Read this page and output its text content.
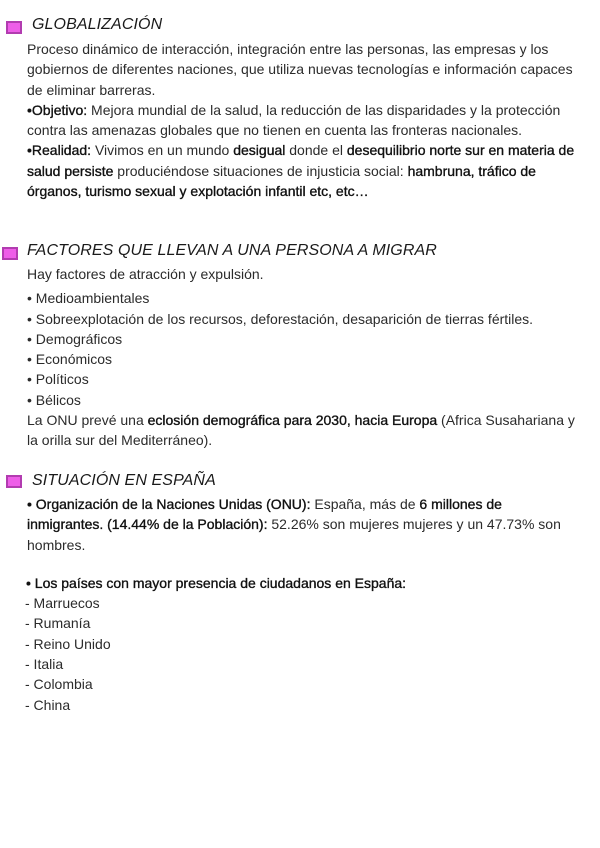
GLOBALIZACIÓN

Proceso dinámico de interacción, integración entre las personas, las empresas y los gobiernos de diferentes naciones, que utiliza nuevas tecnologías e información capaces de eliminar barreras.

•Objetivo: Mejora mundial de la salud, la reducción de las disparidades y la protección contra las amenazas globales que no tienen en cuenta las fronteras nacionales.

•Realidad: Vivimos en un mundo desigual donde el desequilibrio norte sur en materia de salud persiste produciéndose situaciones de injusticia social: hambruna, tráfico de órganos, turismo sexual y explotación infantil etc, etc…

FACTORES QUE LLEVAN A UNA PERSONA A MIGRAR

Hay factores de atracción y expulsión.

• Medioambientales

• Sobreexplotación de los recursos, deforestación, desaparición de tierras fértiles.

• Demográficos

• Económicos

• Políticos

• Bélicos

La ONU prevé una eclosión demográfica para 2030, hacia Europa (Africa Susahariana y la orilla sur del Mediterráneo).

SITUACIÓN EN ESPAÑA

• Organización de la Naciones Unidas (ONU): España, más de 6 millones de inmigrantes. (14.44% de la Población): 52.26% son mujeres mujeres y un 47.73% son hombres.

• Los países con mayor presencia de ciudadanos en España:

- Marruecos

- Rumanía

- Reino Unido

- Italia

- Colombia

- China
